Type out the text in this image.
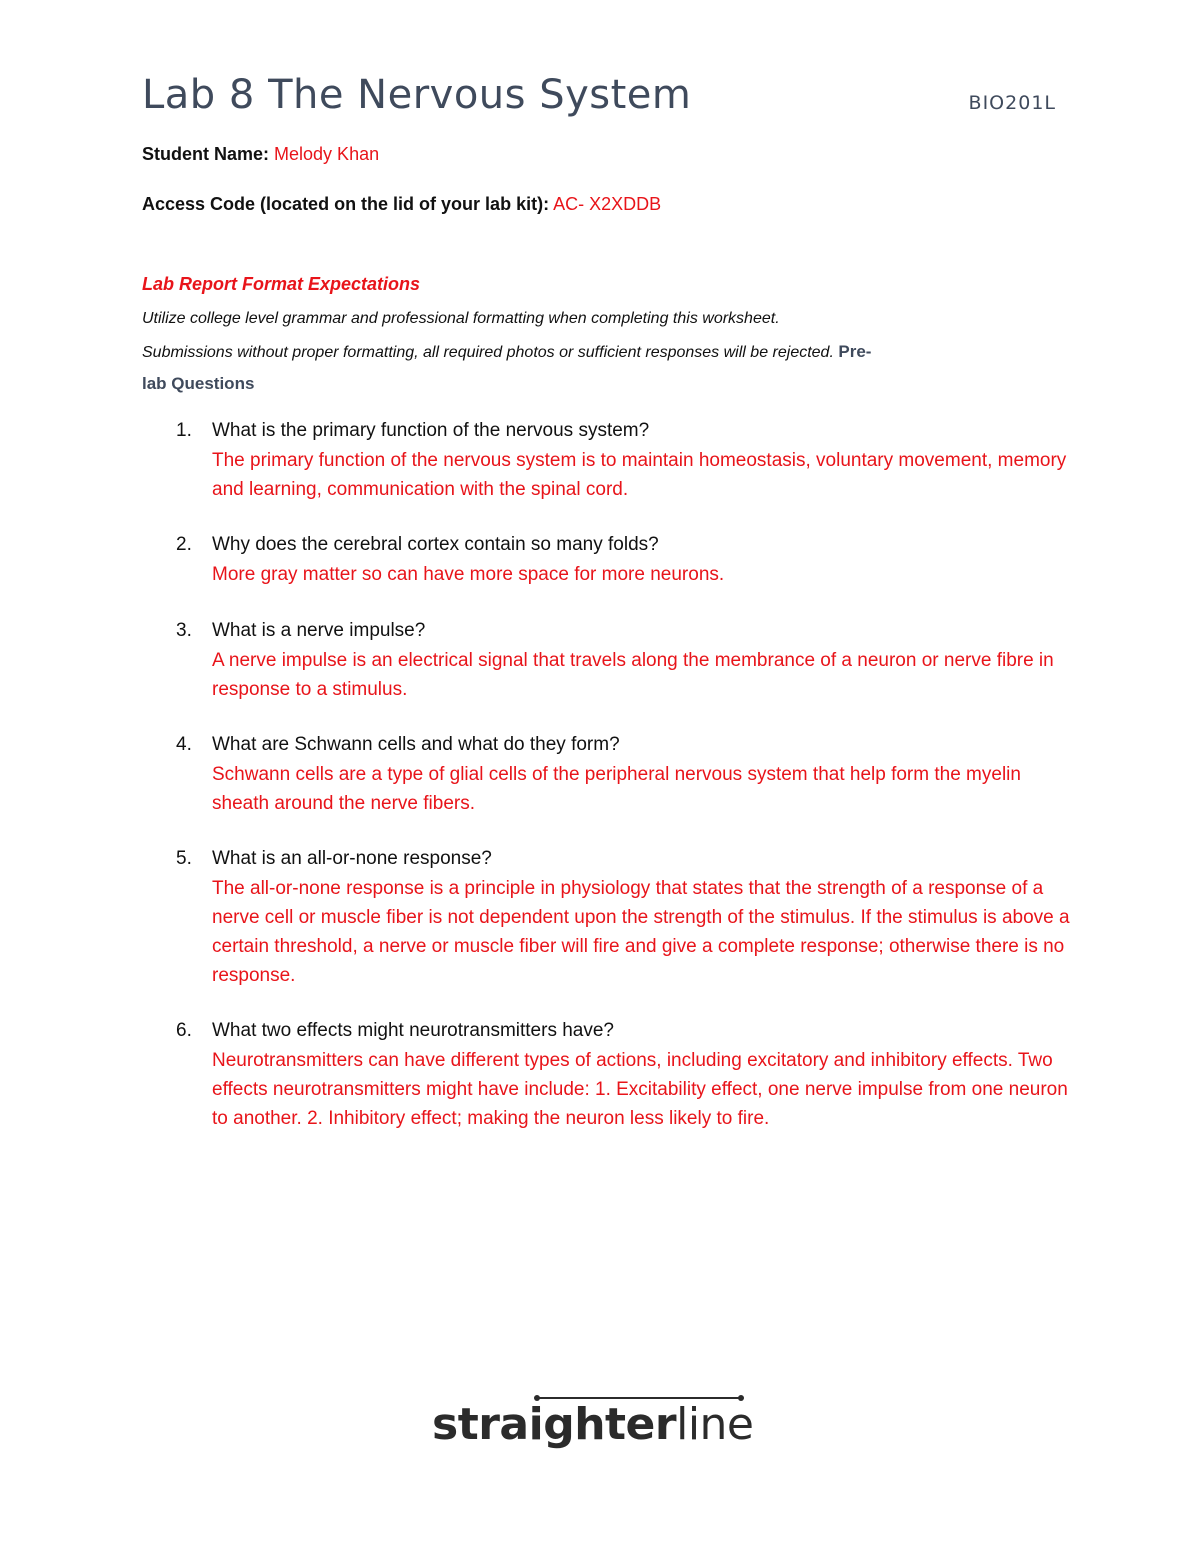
Lab 8 The Nervous System	BIO201L
Student Name: Melody Khan
Access Code (located on the lid of your lab kit): AC- X2XDDB
Lab Report Format Expectations
Utilize college level grammar and professional formatting when completing this worksheet.
Submissions without proper formatting, all required photos or sufficient responses will be rejected. Pre-
lab Questions
1. What is the primary function of the nervous system?
The primary function of the nervous system is to maintain homeostasis, voluntary movement, memory and learning, communication with the spinal cord.
2. Why does the cerebral cortex contain so many folds?
More gray matter so can have more space for more neurons.
3. What is a nerve impulse?
A nerve impulse is an electrical signal that travels along the membrance of a neuron or nerve fibre in response to a stimulus.
4. What are Schwann cells and what do they form?
Schwann cells are a type of glial cells of the peripheral nervous system that help form the myelin sheath around the nerve fibers.
5. What is an all-or-none response?
The all-or-none response is a principle in physiology that states that the strength of a response of a nerve cell or muscle fiber is not dependent upon the strength of the stimulus. If the stimulus is above a certain threshold, a nerve or muscle fiber will fire and give a complete response; otherwise there is no response.
6. What two effects might neurotransmitters have?
Neurotransmitters can have different types of actions, including excitatory and inhibitory effects. Two effects neurotransmitters might have include: 1. Excitability effect, one nerve impulse from one neuron to another. 2. Inhibitory effect; making the neuron less likely to fire.
straighterline
